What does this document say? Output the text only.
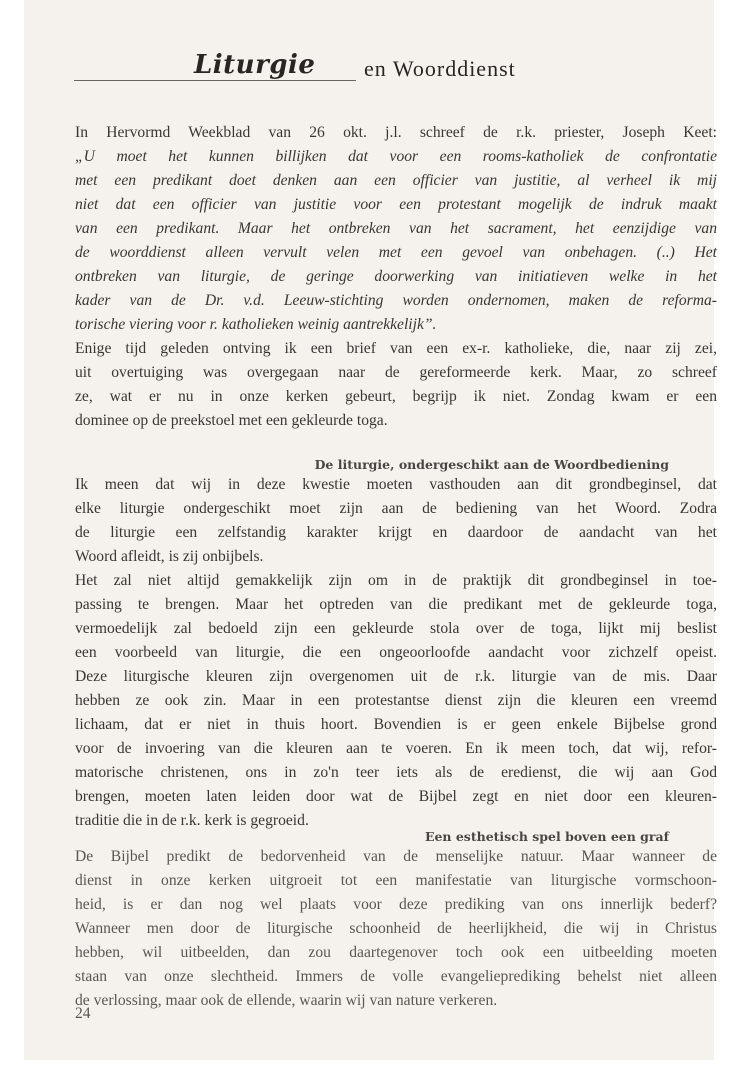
Liturgie en Woorddienst
In Hervormd Weekblad van 26 okt. j.l. schreef de r.k. priester, Joseph Keet:
„U moet het kunnen billijken dat voor een rooms-katholiek de confrontatie
met een predikant doet denken aan een officier van justitie, al verheel ik mij
niet dat een officier van justitie voor een protestant mogelijk de indruk maakt
van een predikant. Maar het ontbreken van het sacrament, het eenzijdige van
de woorddienst alleen vervult velen met een gevoel van onbehagen. (..) Het
ontbreken van liturgie, de geringe doorwerking van initiatieven welke in het
kader van de Dr. v.d. Leeuw-stichting worden ondernomen, maken de reforma-
torische viering voor r. katholieken weinig aantrekkelijk”.
Enige tijd geleden ontving ik een brief van een ex-r. katholieke, die, naar zij zei,
uit overtuiging was overgegaan naar de gereformeerde kerk. Maar, zo schreef
ze, wat er nu in onze kerken gebeurt, begrijp ik niet. Zondag kwam er een
dominee op de preekstoel met een gekleurde toga.
De liturgie, ondergeschikt aan de Woordbediening
Ik meen dat wij in deze kwestie moeten vasthouden aan dit grondbeginsel, dat
elke liturgie ondergeschikt moet zijn aan de bediening van het Woord. Zodra
de liturgie een zelfstandig karakter krijgt en daardoor de aandacht van het
Woord afleidt, is zij onbijbels.
Het zal niet altijd gemakkelijk zijn om in de praktijk dit grondbeginsel in toe-
passing te brengen. Maar het optreden van die predikant met de gekleurde toga,
vermoedelijk zal bedoeld zijn een gekleurde stola over de toga, lijkt mij beslist
een voorbeeld van liturgie, die een ongeoorloofde aandacht voor zichzelf opeist.
Deze liturgische kleuren zijn overgenomen uit de r.k. liturgie van de mis. Daar
hebben ze ook zin. Maar in een protestantse dienst zijn die kleuren een vreemd
lichaam, dat er niet in thuis hoort. Bovendien is er geen enkele Bijbelse grond
voor de invoering van die kleuren aan te voeren. En ik meen toch, dat wij, refor-
matorische christenen, ons in zo'n teer iets als de eredienst, die wij aan God
brengen, moeten laten leiden door wat de Bijbel zegt en niet door een kleuren-
traditie die in de r.k. kerk is gegroeid.
Een esthetisch spel boven een graf
De Bijbel predikt de bedorvenheid van de menselijke natuur. Maar wanneer de
dienst in onze kerken uitgroeit tot een manifestatie van liturgische vormschoon-
heid, is er dan nog wel plaats voor deze prediking van ons innerlijk bederf?
Wanneer men door de liturgische schoonheid de heerlijkheid, die wij in Christus
hebben, wil uitbeelden, dan zou daartegenover toch ook een uitbeelding moeten
staan van onze slechtheid. Immers de volle evangelieprediking behelst niet alleen
de verlossing, maar ook de ellende, waarin wij van nature verkeren.
24
